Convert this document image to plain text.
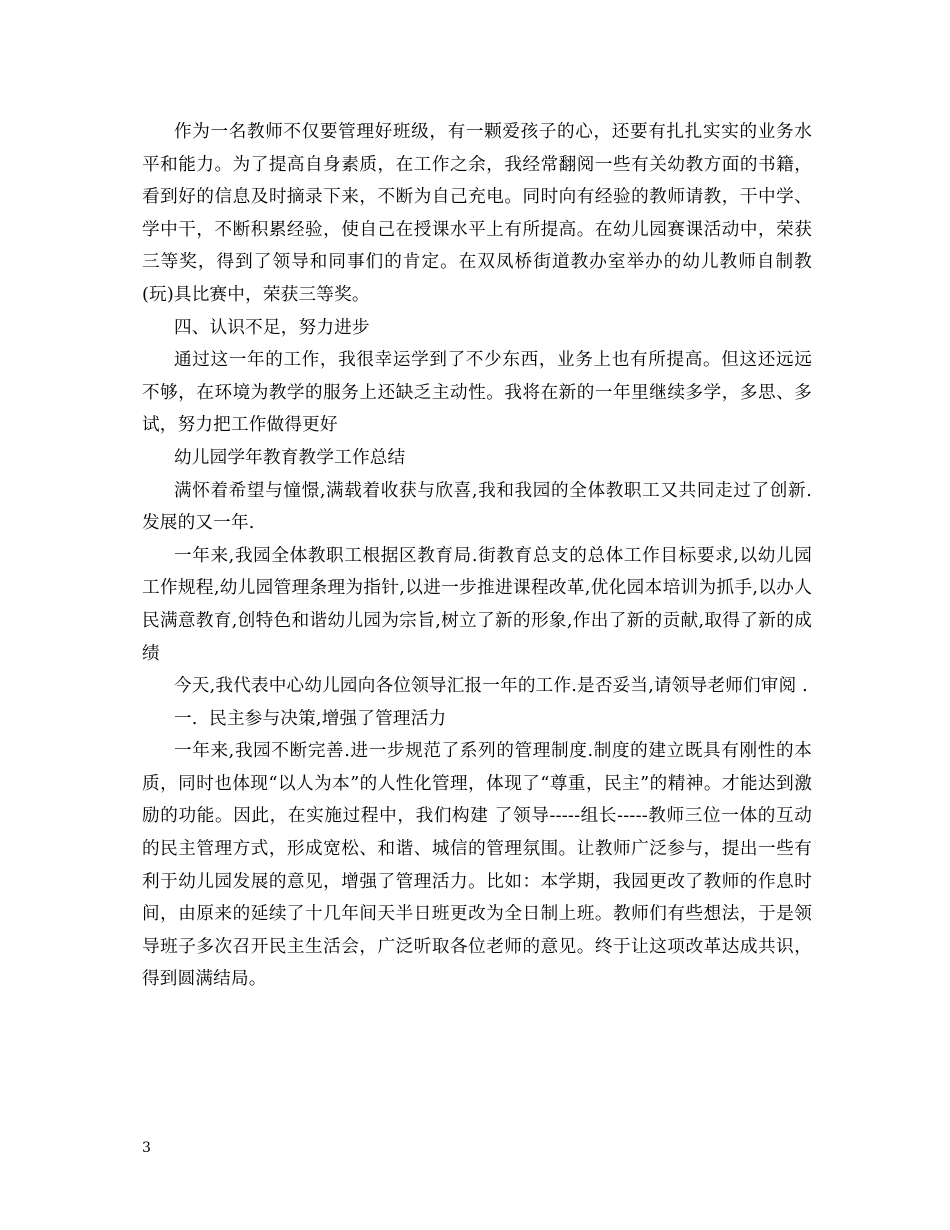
作为一名教师不仅要管理好班级，有一颗爱孩子的心，还要有扎扎实实的业务水平和能力。为了提高自身素质，在工作之余，我经常翻阅一些有关幼教方面的书籍，看到好的信息及时摘录下来，不断为自己充电。同时向有经验的教师请教，干中学、学中干，不断积累经验，使自己在授课水平上有所提高。在幼儿园赛课活动中，荣获三等奖，得到了领导和同事们的肯定。在双凤桥街道教办室举办的幼儿教师自制教(玩)具比赛中，荣获三等奖。

四、认识不足，努力进步

通过这一年的工作，我很幸运学到了不少东西，业务上也有所提高。但这还远远不够，在环境为教学的服务上还缺乏主动性。我将在新的一年里继续多学，多思、多试，努力把工作做得更好

幼儿园学年教育教学工作总结

满怀着希望与憧憬,满载着收获与欣喜,我和我园的全体教职工又共同走过了创新.发展的又一年.

一年来,我园全体教职工根据区教育局.街教育总支的总体工作目标要求,以幼儿园工作规程,幼儿园管理条理为指针,以进一步推进课程改革,优化园本培训为抓手,以办人民满意教育,创特色和谐幼儿园为宗旨,树立了新的形象,作出了新的贡献,取得了新的成绩

今天,我代表中心幼儿园向各位领导汇报一年的工作.是否妥当,请领导老师们审阅 .

一.  民主参与决策,增强了管理活力

一年来,我园不断完善.进一步规范了系列的管理制度.制度的建立既具有刚性的本质，同时也体现“以人为本”的人性化管理，体现了“尊重，民主”的精神。才能达到激励的功能。因此，在实施过程中，我们构建 了领导-----组长-----教师三位一体的互动的民主管理方式，形成宽松、和谐、城信的管理氛围。让教师广泛参与，提出一些有利于幼儿园发展的意见，增强了管理活力。比如：本学期，我园更改了教师的作息时间，由原来的延续了十几年间天半日班更改为全日制上班。教师们有些想法，于是领导班子多次召开民主生活会，广泛听取各位老师的意见。终于让这项改革达成共识，得到圆满结局。

3
